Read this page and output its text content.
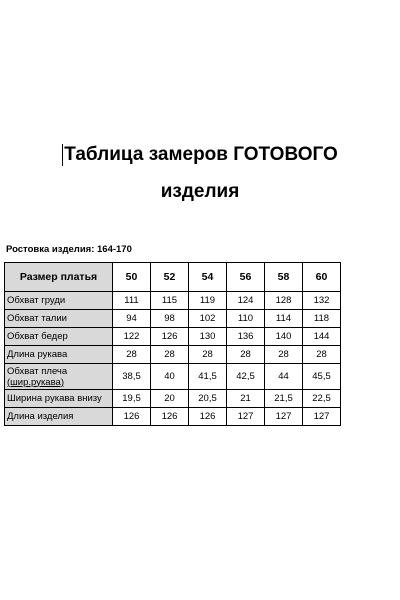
Таблица замеров ГОТОВОГО
изделия
Ростовка изделия: 164-170
Размер платья	50	52	54	56	58	60
Обхват груди	111	115	119	124	128	132
Обхват талии	94	98	102	110	114	118
Обхват бедер	122	126	130	136	140	144
Длина рукава	28	28	28	28	28	28
Обхват плеча
(шир.рукава)	38,5	40	41,5	42,5	44	45,5
Ширина рукава внизу	19,5	20	20,5	21	21,5	22,5
Длина изделия	126	126	126	127	127	127
